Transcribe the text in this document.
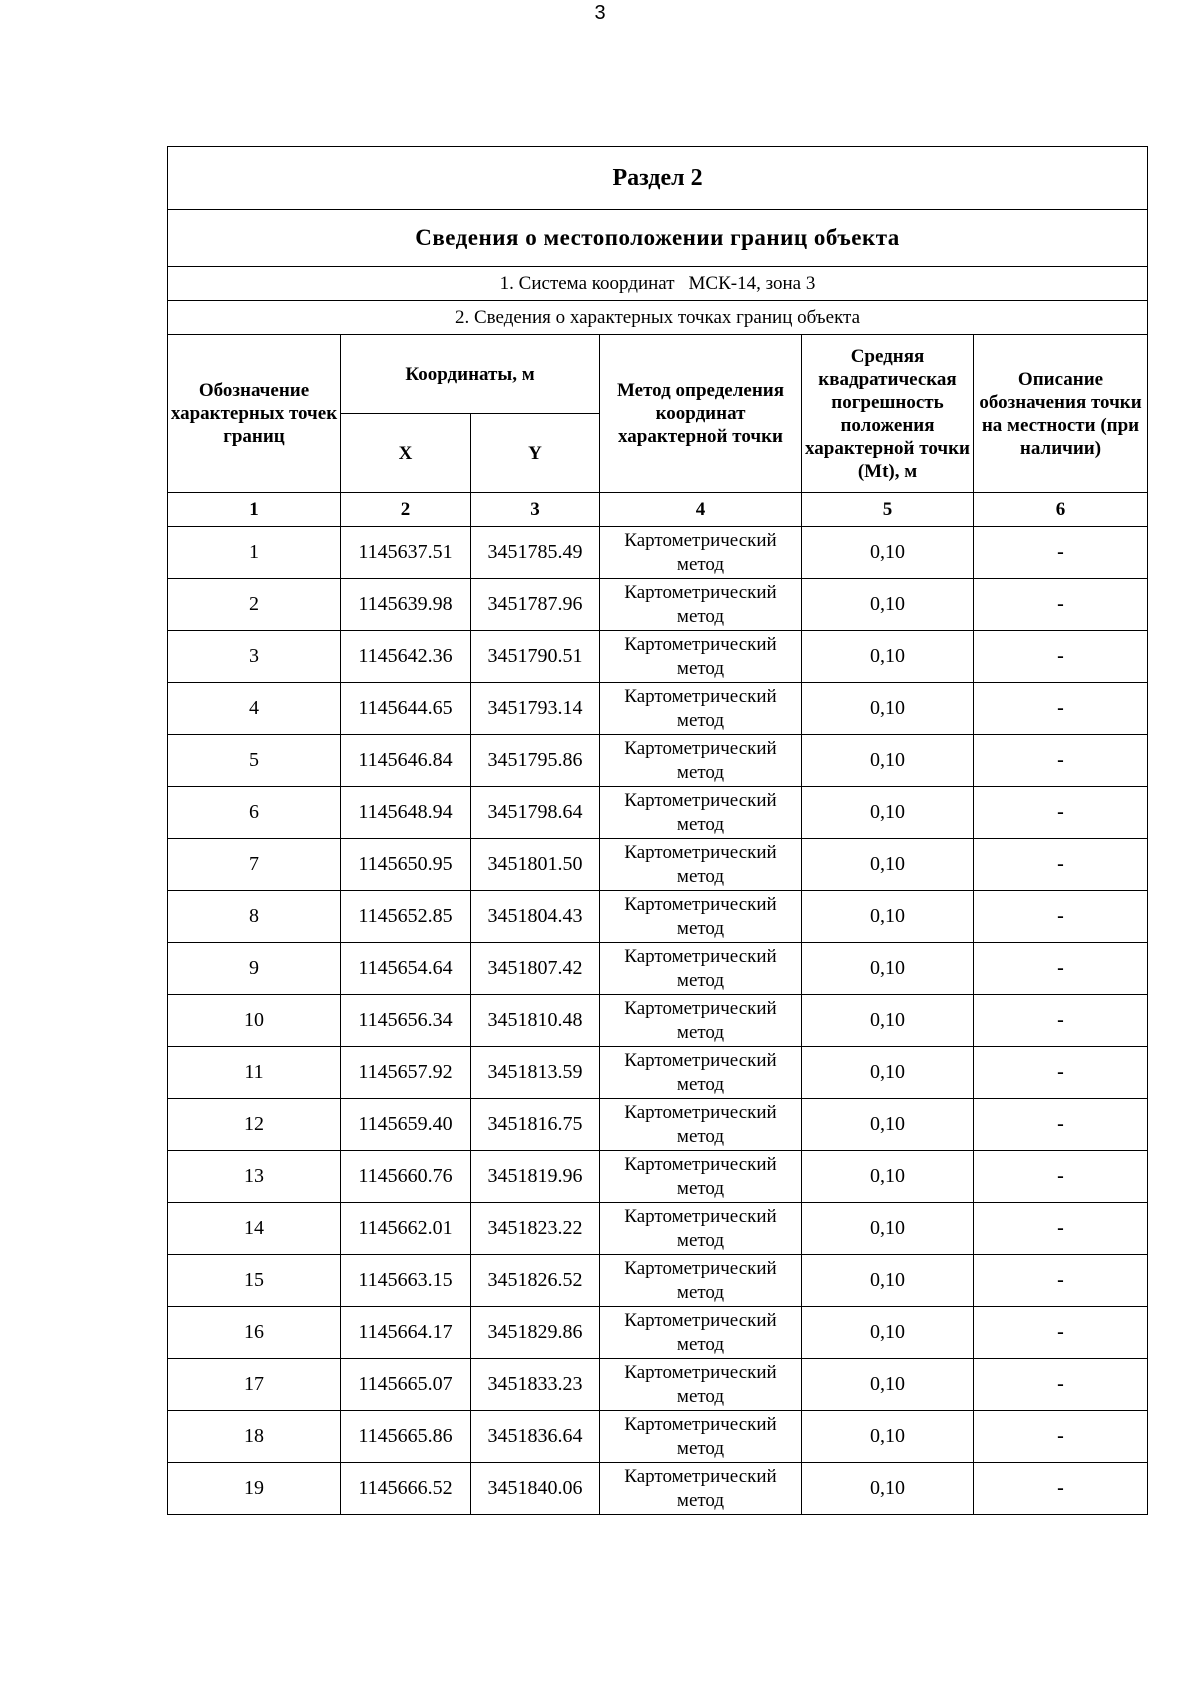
3
Раздел 2					
Сведения о местоположении границ объекта					
1. Система координат МСК-14, зона 3					
2. Сведения о характерных точках границ объекта					
Обозначение характерных точек границ	Координаты, м		Метод определения координат характерной точки	Средняя квадратическая погрешность положения характерной точки (Mt), м	Описание обозначения точки на местности (при наличии)
	X	Y			
1	2	3	4	5	6
1	1145637.51	3451785.49	Картометрический метод	0,10	-
2	1145639.98	3451787.96	Картометрический метод	0,10	-
3	1145642.36	3451790.51	Картометрический метод	0,10	-
4	1145644.65	3451793.14	Картометрический метод	0,10	-
5	1145646.84	3451795.86	Картометрический метод	0,10	-
6	1145648.94	3451798.64	Картометрический метод	0,10	-
7	1145650.95	3451801.50	Картометрический метод	0,10	-
8	1145652.85	3451804.43	Картометрический метод	0,10	-
9	1145654.64	3451807.42	Картометрический метод	0,10	-
10	1145656.34	3451810.48	Картометрический метод	0,10	-
11	1145657.92	3451813.59	Картометрический метод	0,10	-
12	1145659.40	3451816.75	Картометрический метод	0,10	-
13	1145660.76	3451819.96	Картометрический метод	0,10	-
14	1145662.01	3451823.22	Картометрический метод	0,10	-
15	1145663.15	3451826.52	Картометрический метод	0,10	-
16	1145664.17	3451829.86	Картометрический метод	0,10	-
17	1145665.07	3451833.23	Картометрический метод	0,10	-
18	1145665.86	3451836.64	Картометрический метод	0,10	-
19	1145666.52	3451840.06	Картометрический метод	0,10	-
